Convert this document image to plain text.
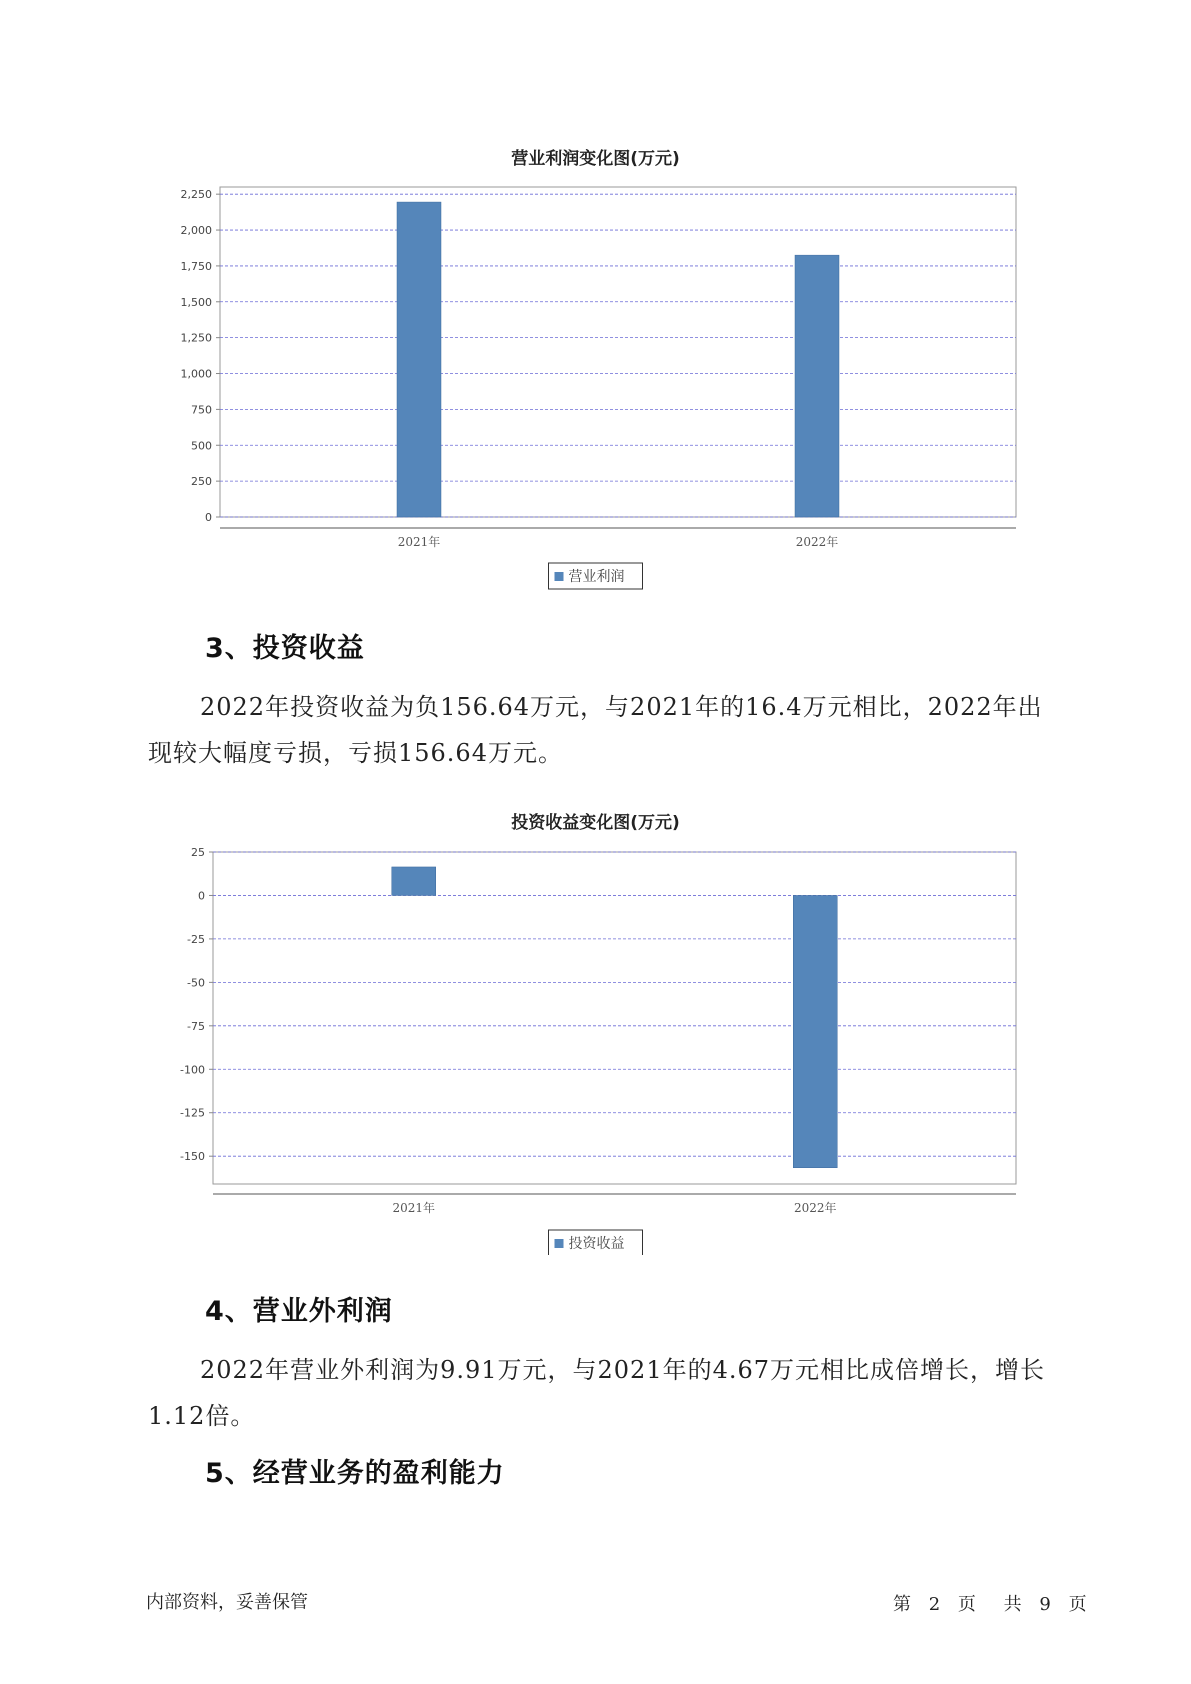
营业利润变化图(万元)
0
250
500
750
1,000
1,250
1,500
1,750
2,000
2,250
2021年	2022年
营业利润
3、投资收益

2022年投资收益为负156.64万元，与2021年的16.4万元相比，2022年出现较大幅度亏损，亏损156.64万元。

投资收益变化图(万元)
25
0
-25
-50
-75
-100
-125
-150
2021年	2022年
投资收益
4、营业外利润

2022年营业外利润为9.91万元，与2021年的4.67万元相比成倍增长，增长1.12倍。

5、经营业务的盈利能力
内部资料，妥善保管	第 2 页 共 9 页
